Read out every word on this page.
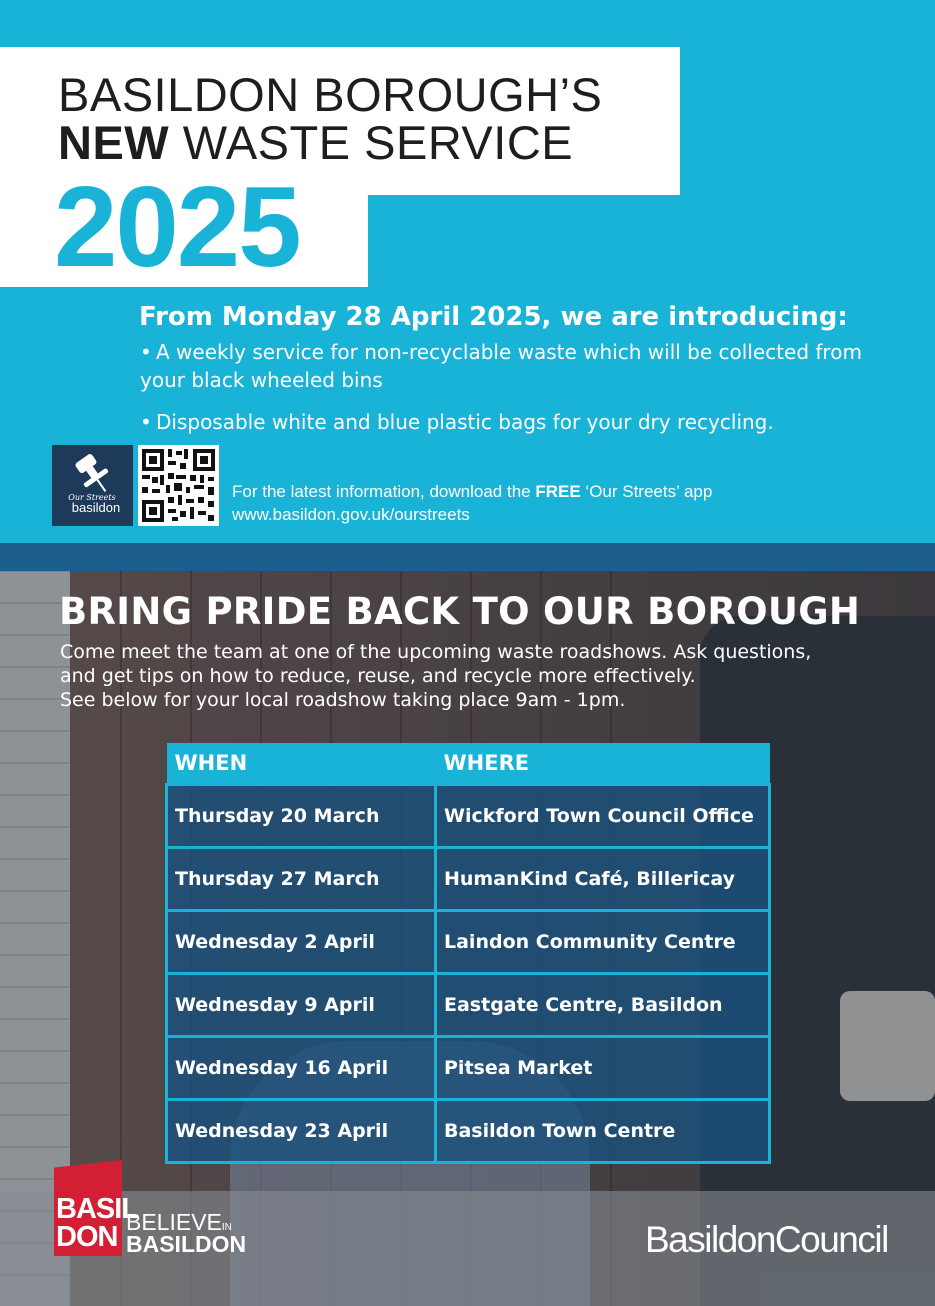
BASILDON BOROUGH’S
NEW WASTE SERVICE
2025
From Monday 28 April 2025, we are introducing:
• A weekly service for non-recyclable waste which will be collected from your black wheeled bins
• Disposable white and blue plastic bags for your dry recycling.
Our Streets
basildon
For the latest information, download the FREE ‘Our Streets’ app
www.basildon.gov.uk/ourstreets
BRING PRIDE BACK TO OUR BOROUGH
Come meet the team at one of the upcoming waste roadshows. Ask questions,
and get tips on how to reduce, reuse, and recycle more effectively.
See below for your local roadshow taking place 9am - 1pm.
WHEN	WHERE
Thursday 20 March	Wickford Town Council Office
Thursday 27 March	HumanKind Café, Billericay
Wednesday 2 April	Laindon Community Centre
Wednesday 9 April	Eastgate Centre, Basildon
Wednesday 16 April	Pitsea Market
Wednesday 23 April	Basildon Town Centre
BASIL
DON BELIEVEIN
BASILDON	BasildonCouncil
